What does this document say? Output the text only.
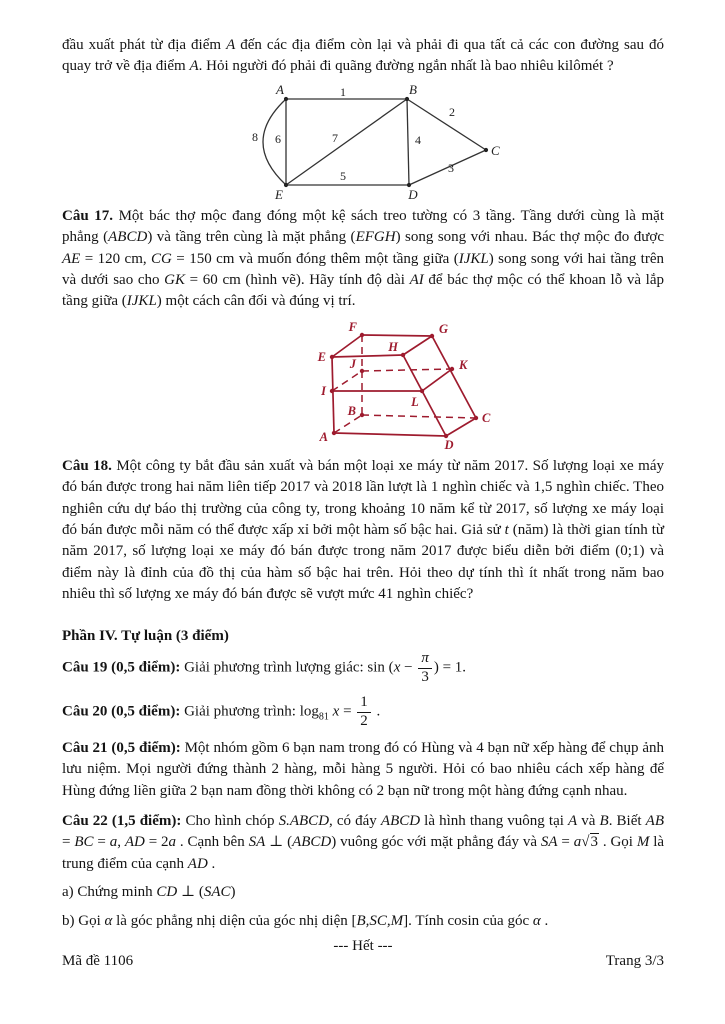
đầu xuất phát từ địa điểm A đến các địa điểm còn lại và phải đi qua tất cả các con đường sau đó quay trở về địa điểm A. Hỏi người đó phải đi quãng đường ngắn nhất là bao nhiêu kilômét ?
A	B
C
D
E
1
2
4
3
5
7
6
8
Câu 17. Một bác thợ mộc đang đóng một kệ sách treo tường có 3 tầng. Tầng dưới cùng là mặt phẳng (ABCD) và tầng trên cùng là mặt phẳng (EFGH) song song với nhau. Bác thợ mộc đo được AE = 120 cm, CG = 150 cm và muốn đóng thêm một tầng giữa (IJKL) song song với hai tầng trên và dưới sao cho GK = 60 cm (hình vẽ). Hãy tính độ dài AI để bác thợ mộc có thể khoan lỗ và lắp tầng giữa (IJKL) một cách cân đối và đúng vị trí.
F	G
E
H
J	K
I
L
B	C
A
D
Câu 18. Một công ty bắt đầu sản xuất và bán một loại xe máy từ năm 2017. Số lượng loại xe máy đó bán được trong hai năm liên tiếp 2017 và 2018 lần lượt là 1 nghìn chiếc và 1,5 nghìn chiếc. Theo nghiên cứu dự báo thị trường của công ty, trong khoảng 10 năm kể từ 2017, số lượng xe máy loại đó bán được mỗi năm có thể được xấp xỉ bởi một hàm số bậc hai. Giả sử t (năm) là thời gian tính từ năm 2017, số lượng loại xe máy đó bán được trong năm 2017 được biểu diễn bởi điểm (0;1) và điểm này là đỉnh của đồ thị của hàm số bậc hai trên. Hỏi theo dự tính thì ít nhất trong năm bao nhiêu thì số lượng xe máy đó bán được sẽ vượt mức 41 nghìn chiếc?
Phần IV. Tự luận (3 điểm)
Câu 19 (0,5 điểm): Giải phương trình lượng giác: $\sin (x - \frac{\pi}{3}$ ) = 1.
Câu 20 (0,5 điểm): Giải phương trình: $\log_{81} x = \frac{1}{2}$ .
Câu 21 (0,5 điểm): Một nhóm gồm 6 bạn nam trong đó có Hùng và 4 bạn nữ xếp hàng để chụp ảnh lưu niệm. Mọi người đứng thành 2 hàng, mỗi hàng 5 người. Hỏi có bao nhiêu cách xếp hàng để Hùng đứng liền giữa 2 bạn nam đồng thời không có 2 bạn nữ trong một hàng đứng cạnh nhau.
Câu 22 (1,5 điểm): Cho hình chóp S.ABCD, có đáy ABCD là hình thang vuông tại A và B. Biết AB = BC = a, AD = 2a . Cạnh bên SA ⊥ (ABCD) vuông góc với mặt phẳng đáy và SA = a√3 . Gọi M là trung điểm của cạnh AD .
a) Chứng minh CD ⊥ (SAC)
b) Gọi α là góc phẳng nhị diện của góc nhị diện [B,SC,M]. Tính cosin của góc α .
--- Hết ---
Mã đề 1106	Trang 3/3
